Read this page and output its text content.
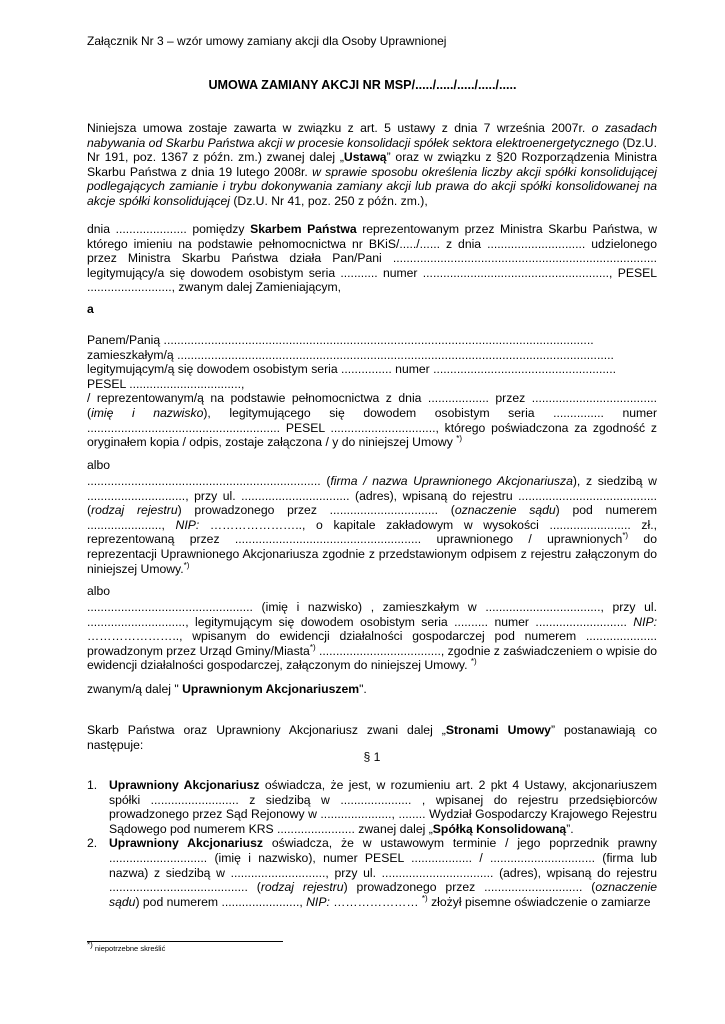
Załącznik Nr 3 – wzór umowy zamiany akcji dla Osoby Uprawnionej
UMOWA ZAMIANY AKCJI NR MSP/...../...../...../...../.....

Niniejsza umowa zostaje zawarta w związku z art. 5 ustawy z dnia 7 września 2007r. o zasadach nabywania od Skarbu Państwa akcji w procesie konsolidacji spółek sektora elektroenergetycznego (Dz.U. Nr 191, poz. 1367 z późn. zm.) zwanej dalej „Ustawą” oraz w związku z §20 Rozporządzenia Ministra Skarbu Państwa z dnia 19 lutego 2008r. w sprawie sposobu określenia liczby akcji spółki konsolidującej podlegających zamianie i trybu dokonywania zamiany akcji lub prawa do akcji spółki konsolidowanej na akcje spółki konsolidującej (Dz.U. Nr 41, poz. 250 z późn. zm.),

dnia ..................... pomiędzy Skarbem Państwa reprezentowanym przez Ministra Skarbu Państwa, w którego imieniu na podstawie pełnomocnictwa nr BKiS/...../...... z dnia ............................. udzielonego przez Ministra Skarbu Państwa działa Pan/Pani .............................................................................. legitymujący/a się dowodem osobistym seria ........... numer ......................................................., PESEL ........................., zwanym dalej Zamieniającym,

a

Panem/Panią ...............................................................................................................................

zamieszkałym/ą .................................................................................................................................

legitymującym/ą się dowodem osobistym seria ............... numer ......................................................

PESEL .................................,

/ reprezentowanym/ą na podstawie pełnomocnictwa z dnia .................. przez ..................................... (imię i nazwisko), legitymującego się dowodem osobistym seria ............... numer ......................................................... PESEL ..............................., którego poświadczona za zgodność z oryginałem kopia / odpis, zostaje załączona / y do niniejszej Umowy *)

albo

..................................................................... (firma / nazwa Uprawnionego Akcjonariusza), z siedzibą w ............................., przy ul. ................................ (adres), wpisaną do rejestru ......................................... (rodzaj rejestru) prowadzonego przez ................................ (oznaczenie sądu) pod numerem ......................, NIP: ………………….., o kapitale zakładowym w wysokości ........................ zł., reprezentowaną przez ....................................................... uprawnionego / uprawnionych*) do reprezentacji Uprawnionego Akcjonariusza zgodnie z przedstawionym odpisem z rejestru załączonym do niniejszej Umowy.*)

albo

................................................. (imię i nazwisko) , zamieszkałym w .................................., przy ul. ............................., legitymującym się dowodem osobistym seria .......... numer ........................... NIP: ………………….., wpisanym do ewidencji działalności gospodarczej pod numerem ..................... prowadzonym przez Urząd Gminy/Miasta*) ...................................., zgodnie z zaświadczeniem o wpisie do ewidencji działalności gospodarczej, załączonym do niniejszej Umowy. *)

zwanym/ą dalej " Uprawnionym Akcjonariuszem".

Skarb Państwa oraz Uprawniony Akcjonariusz zwani dalej „Stronami Umowy” postanawiają co następuje:

§ 1
1. Uprawniony Akcjonariusz oświadcza, że jest, w rozumieniu art. 2 pkt 4 Ustawy, akcjonariuszem spółki .......................... z siedzibą w ..................... , wpisanej do rejestru przedsiębiorców prowadzonego przez Sąd Rejonowy w ....................., ........ Wydział Gospodarczy Krajowego Rejestru Sądowego pod numerem KRS ....................... zwanej dalej „Spółką Konsolidowaną”.
2. Uprawniony Akcjonariusz oświadcza, że w ustawowym terminie / jego poprzednik prawny ............................. (imię i nazwisko), numer PESEL .................. / ............................... (firma lub nazwa) z siedzibą w ............................, przy ul. ................................. (adres), wpisaną do rejestru ......................................... (rodzaj rejestru) prowadzonego przez ............................. (oznaczenie sądu) pod numerem ......................., NIP: ………………… *) złożył pisemne oświadczenie o zamiarze
*) niepotrzebne skreślić
